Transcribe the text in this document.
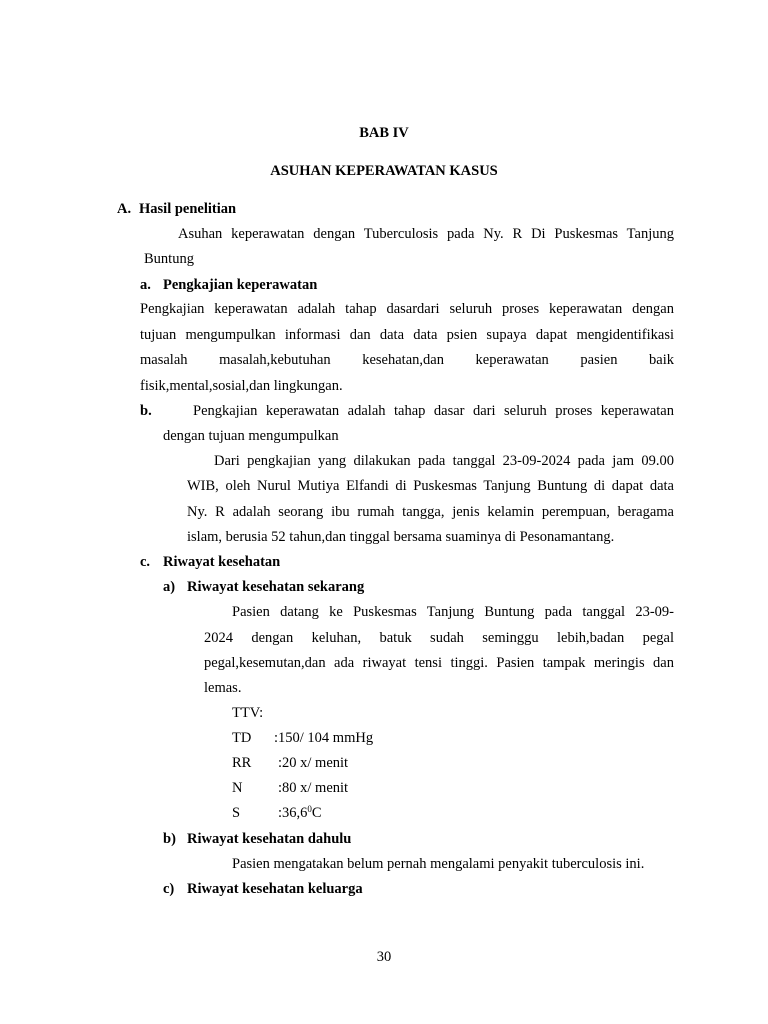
BAB IV
ASUHAN KEPERAWATAN KASUS
A. Hasil penelitian
Asuhan keperawatan dengan Tuberculosis pada Ny. R Di Puskesmas Tanjung
Buntung
a. Pengkajian keperawatan
Pengkajian keperawatan adalah tahap dasardari seluruh proses keperawatan dengan
tujuan mengumpulkan informasi dan data data psien supaya dapat mengidentifikasi
masalah masalah,kebutuhan kesehatan,dan keperawatan pasien baik
fisik,mental,sosial,dan lingkungan.
b.	Pengkajian keperawatan adalah tahap dasar dari seluruh proses keperawatan
dengan tujuan mengumpulkan
Dari pengkajian yang dilakukan pada tanggal 23-09-2024 pada jam 09.00
WIB, oleh Nurul Mutiya Elfandi di Puskesmas Tanjung Buntung di dapat data
Ny. R adalah seorang ibu rumah tangga, jenis kelamin perempuan, beragama
islam, berusia 52 tahun,dan tinggal bersama suaminya di Pesonamantang.
c. Riwayat kesehatan
a) Riwayat kesehatan sekarang
Pasien datang ke Puskesmas Tanjung Buntung pada tanggal 23-09-
2024 dengan keluhan, batuk sudah seminggu lebih,badan pegal
pegal,kesemutan,dan ada riwayat tensi tinggi. Pasien tampak meringis dan
lemas.
TTV:
TD :150/ 104 mmHg
RR :20 x/ menit
N :80 x/ menit
S	:36,6$^0$C
b) Riwayat kesehatan dahulu
Pasien mengatakan belum pernah mengalami penyakit tuberculosis ini.
c) Riwayat kesehatan keluarga
30
